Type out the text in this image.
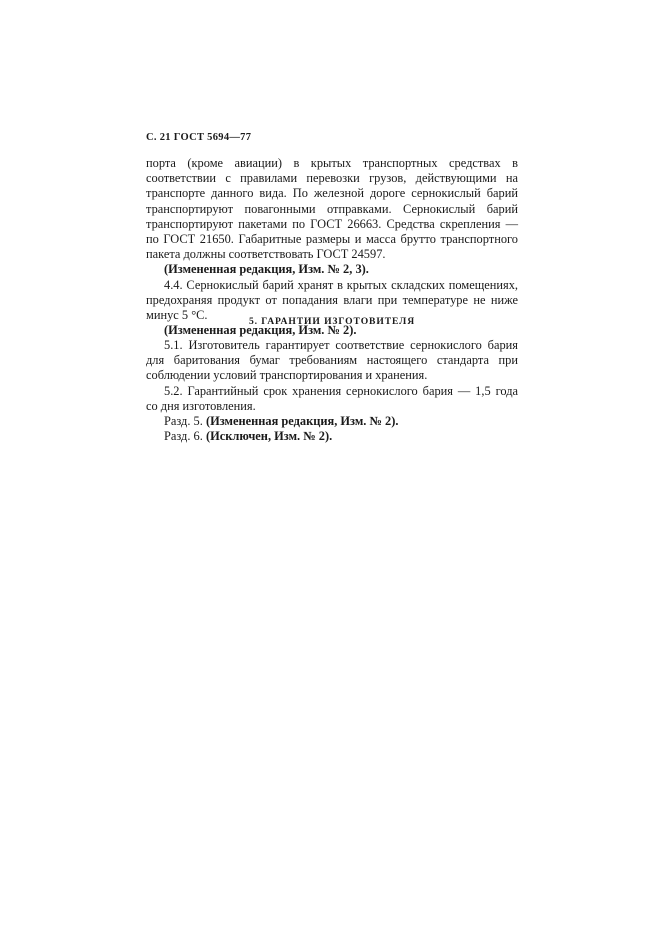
С. 21 ГОСТ 5694—77

порта (кроме авиации) в крытых транспортных средствах в соответствии с правилами перевозки грузов, действующими на транспорте данного вида. По железной дороге сернокислый барий транспортируют повагонными отправками. Сернокислый барий транспортируют пакетами по ГОСТ 26663. Средства скрепления — по ГОСТ 21650. Габаритные размеры и масса брутто транспортного пакета должны соответствовать ГОСТ 24597.

(Измененная редакция, Изм. № 2, 3).

4.4. Сернокислый барий хранят в крытых складских помещениях, предохраняя продукт от попадания влаги при температуре не ниже минус 5 °С.

(Измененная редакция, Изм. № 2).

5. ГАРАНТИИ ИЗГОТОВИТЕЛЯ

5.1. Изготовитель гарантирует соответствие сернокислого бария для баритования бумаг требованиям настоящего стандарта при соблюдении условий транспортирования и хранения.

5.2. Гарантийный срок хранения сернокислого бария — 1,5 года со дня изготовления.

Разд. 5. (Измененная редакция, Изм. № 2).

Разд. 6. (Исключен, Изм. № 2).
